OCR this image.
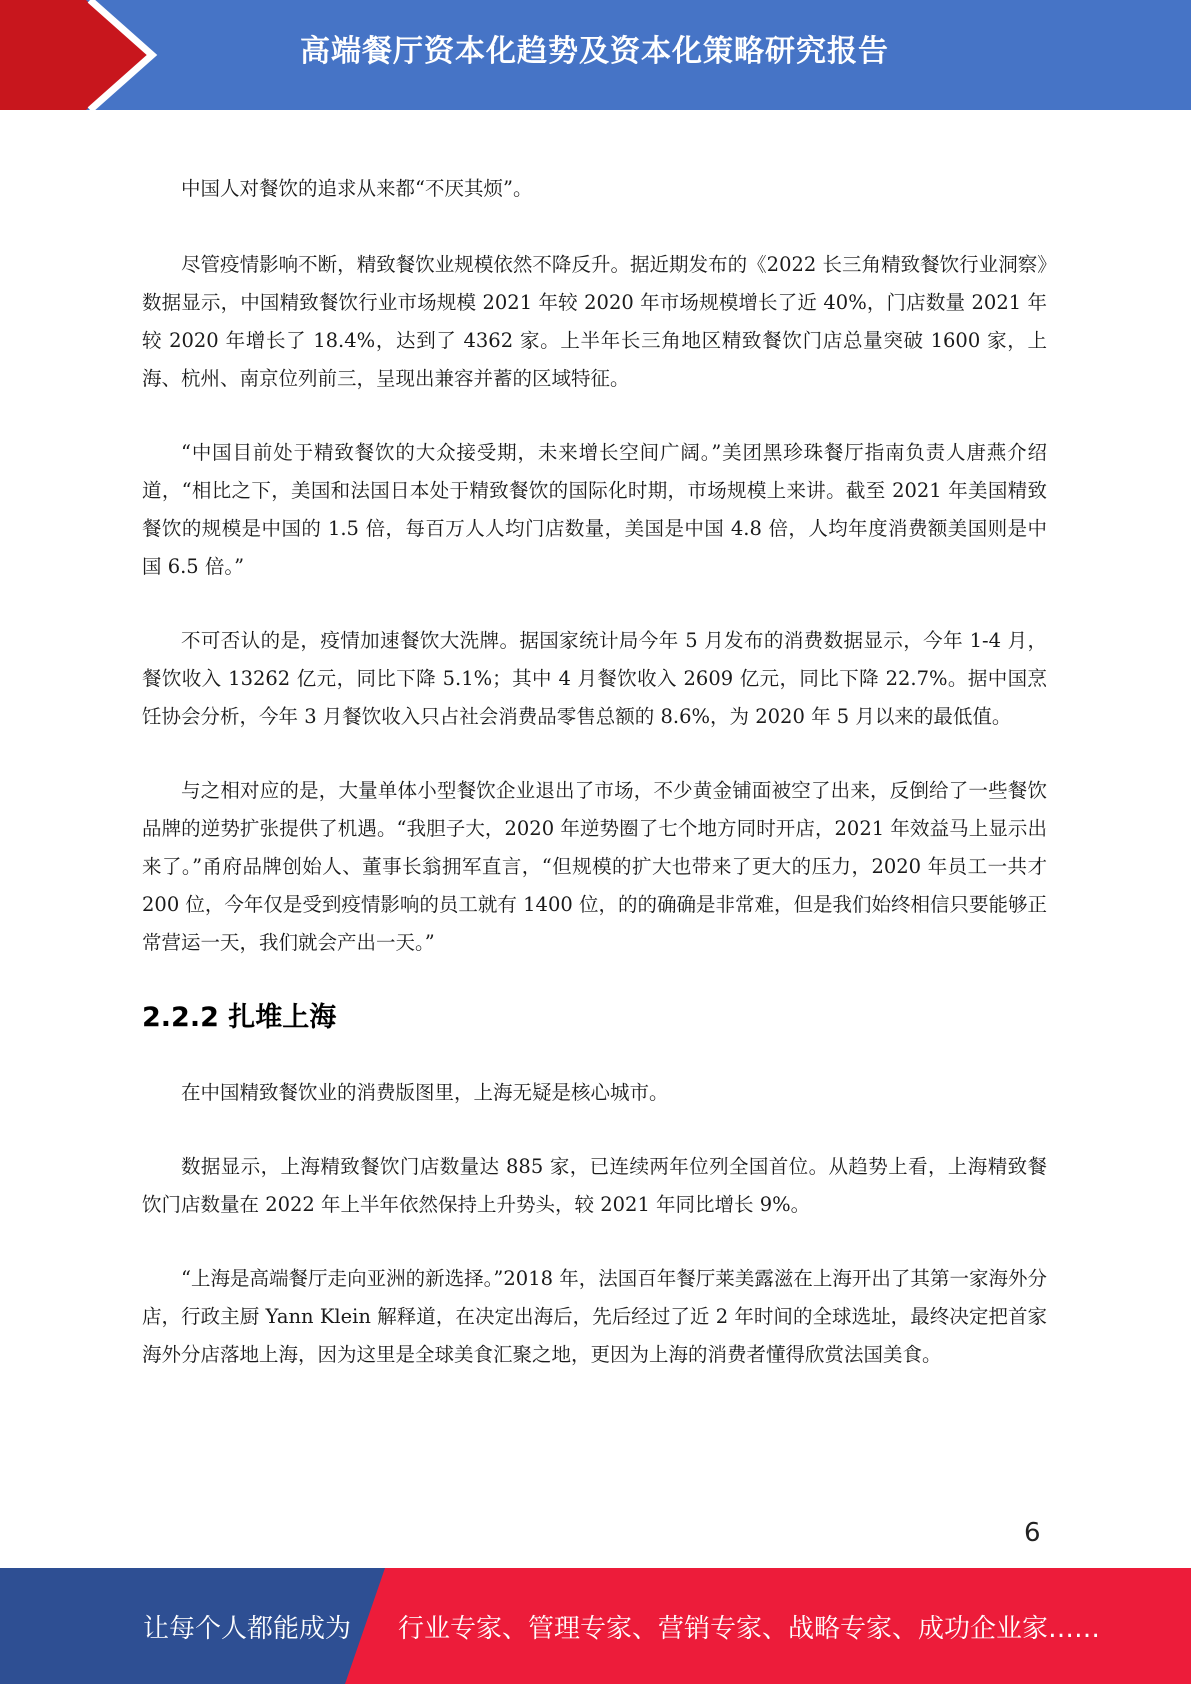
高端餐厅资本化趋势及资本化策略研究报告

中国人对餐饮的追求从来都“不厌其烦”。

尽管疫情影响不断，精致餐饮业规模依然不降反升。据近期发布的《2022 长三角精致餐饮行业洞察》数据显示，中国精致餐饮行业市场规模 2021 年较 2020 年市场规模增长了近 40%，门店数量 2021 年较 2020 年增长了 18.4%，达到了 4362 家。上半年长三角地区精致餐饮门店总量突破 1600 家，上海、杭州、南京位列前三，呈现出兼容并蓄的区域特征。

“中国目前处于精致餐饮的大众接受期，未来增长空间广阔。”美团黑珍珠餐厅指南负责人唐燕介绍道，“相比之下，美国和法国日本处于精致餐饮的国际化时期，市场规模上来讲。截至 2021 年美国精致餐饮的规模是中国的 1.5 倍，每百万人人均门店数量，美国是中国 4.8 倍，人均年度消费额美国则是中国 6.5 倍。”

不可否认的是，疫情加速餐饮大洗牌。据国家统计局今年 5 月发布的消费数据显示，今年 1-4 月，餐饮收入 13262 亿元，同比下降 5.1%；其中 4 月餐饮收入 2609 亿元，同比下降 22.7%。据中国烹饪协会分析，今年 3 月餐饮收入只占社会消费品零售总额的 8.6%，为 2020 年 5 月以来的最低值。

与之相对应的是，大量单体小型餐饮企业退出了市场，不少黄金铺面被空了出来，反倒给了一些餐饮品牌的逆势扩张提供了机遇。“我胆子大，2020 年逆势圈了七个地方同时开店，2021 年效益马上显示出来了。”甬府品牌创始人、董事长翁拥军直言，“但规模的扩大也带来了更大的压力，2020 年员工一共才 200 位，今年仅是受到疫情影响的员工就有 1400 位，的的确确是非常难，但是我们始终相信只要能够正常营运一天，我们就会产出一天。”

2.2.2 扎堆上海

在中国精致餐饮业的消费版图里，上海无疑是核心城市。

数据显示，上海精致餐饮门店数量达 885 家，已连续两年位列全国首位。从趋势上看，上海精致餐饮门店数量在 2022 年上半年依然保持上升势头，较 2021 年同比增长 9%。

“上海是高端餐厅走向亚洲的新选择。”2018 年，法国百年餐厅莱美露滋在上海开出了其第一家海外分店，行政主厨 Yann Klein 解释道，在决定出海后，先后经过了近 2 年时间的全球选址，最终决定把首家海外分店落地上海，因为这里是全球美食汇聚之地，更因为上海的消费者懂得欣赏法国美食。

6
让每个人都能成为 行业专家、管理专家、营销专家、战略专家、成功企业家……
